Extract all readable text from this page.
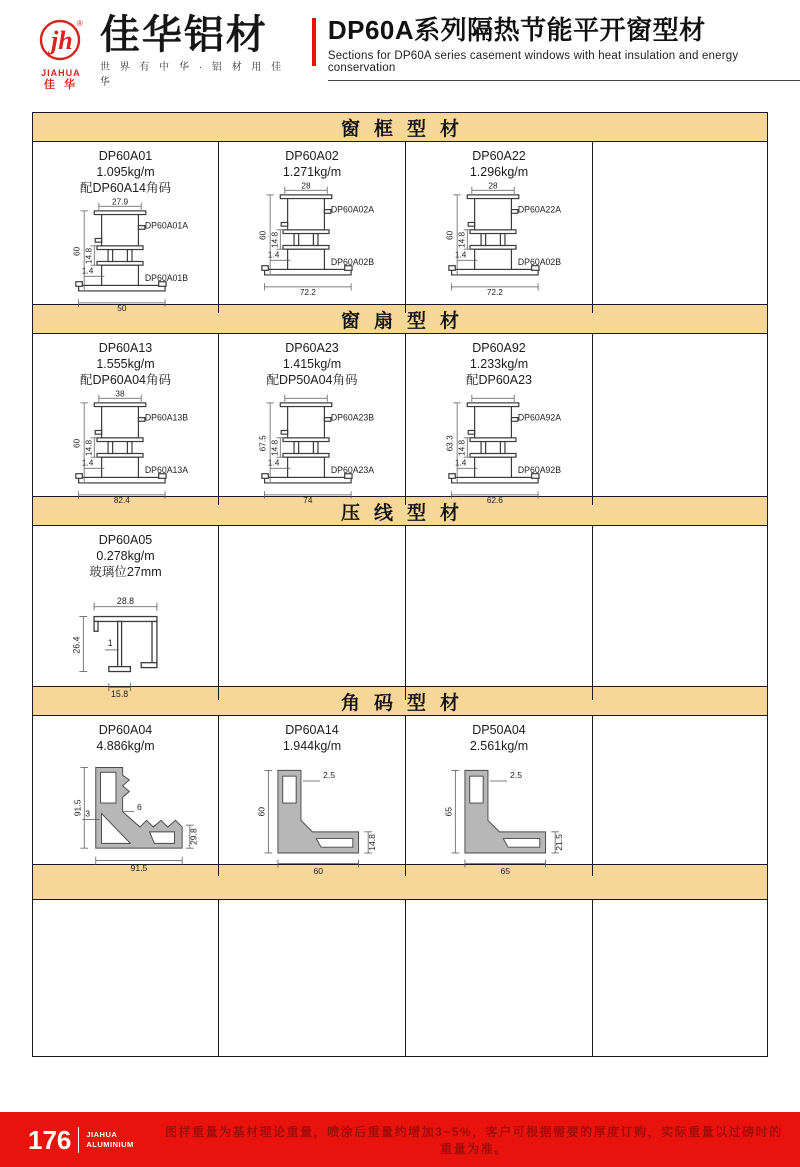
jh
®
JIAHUA
佳 华
佳华铝材
世 界 有 中 华 · 铝 材 用 佳 华
DP60A系列隔热节能平开窗型材
Sections for DP60A series casement windows with heat insulation and energy conservation
窗框型材
DP60A01
1.095kg/m
配DP60A14角码
27.9
60 14.8
1.4
50
DP60A01A
DP60A01B
DP60A02
1.271kg/m
28
60 14.8
1.4
72.2
DP60A02A
DP60A02B
DP60A22
1.296kg/m
28
60 14.8
1.4
72.2
DP60A22A
DP60A02B
窗扇型材
DP60A13
1.555kg/m
配DP60A04角码
38
60 14.8
1.4
82.4
DP60A13B
DP60A13A
DP60A23
1.415kg/m
配DP50A04角码
67.5 14.8
1.4
74
DP60A23B
DP60A23A
DP60A92
1.233kg/m
配DP60A23
63.3 14.8
1.4
62.6
DP60A92A
DP60A92B
压线型材
DP60A05
0.278kg/m
玻璃位27mm
28.8
26.4	1
15.8	角码型材
DP60A04
4.886kg/m
91.5
91.5
29.8
3
6
DP60A14
1.944kg/m
60
60
14.8
2.5
DP50A04
2.561kg/m
65
65
21.5
2.5
176 JIAHUA
ALUMINIUM
图样重量为基材理论重量，喷涂后重量约增加3~5%，客户可根据需要的厚度订购，实际重量以过磅时的重量为准。
